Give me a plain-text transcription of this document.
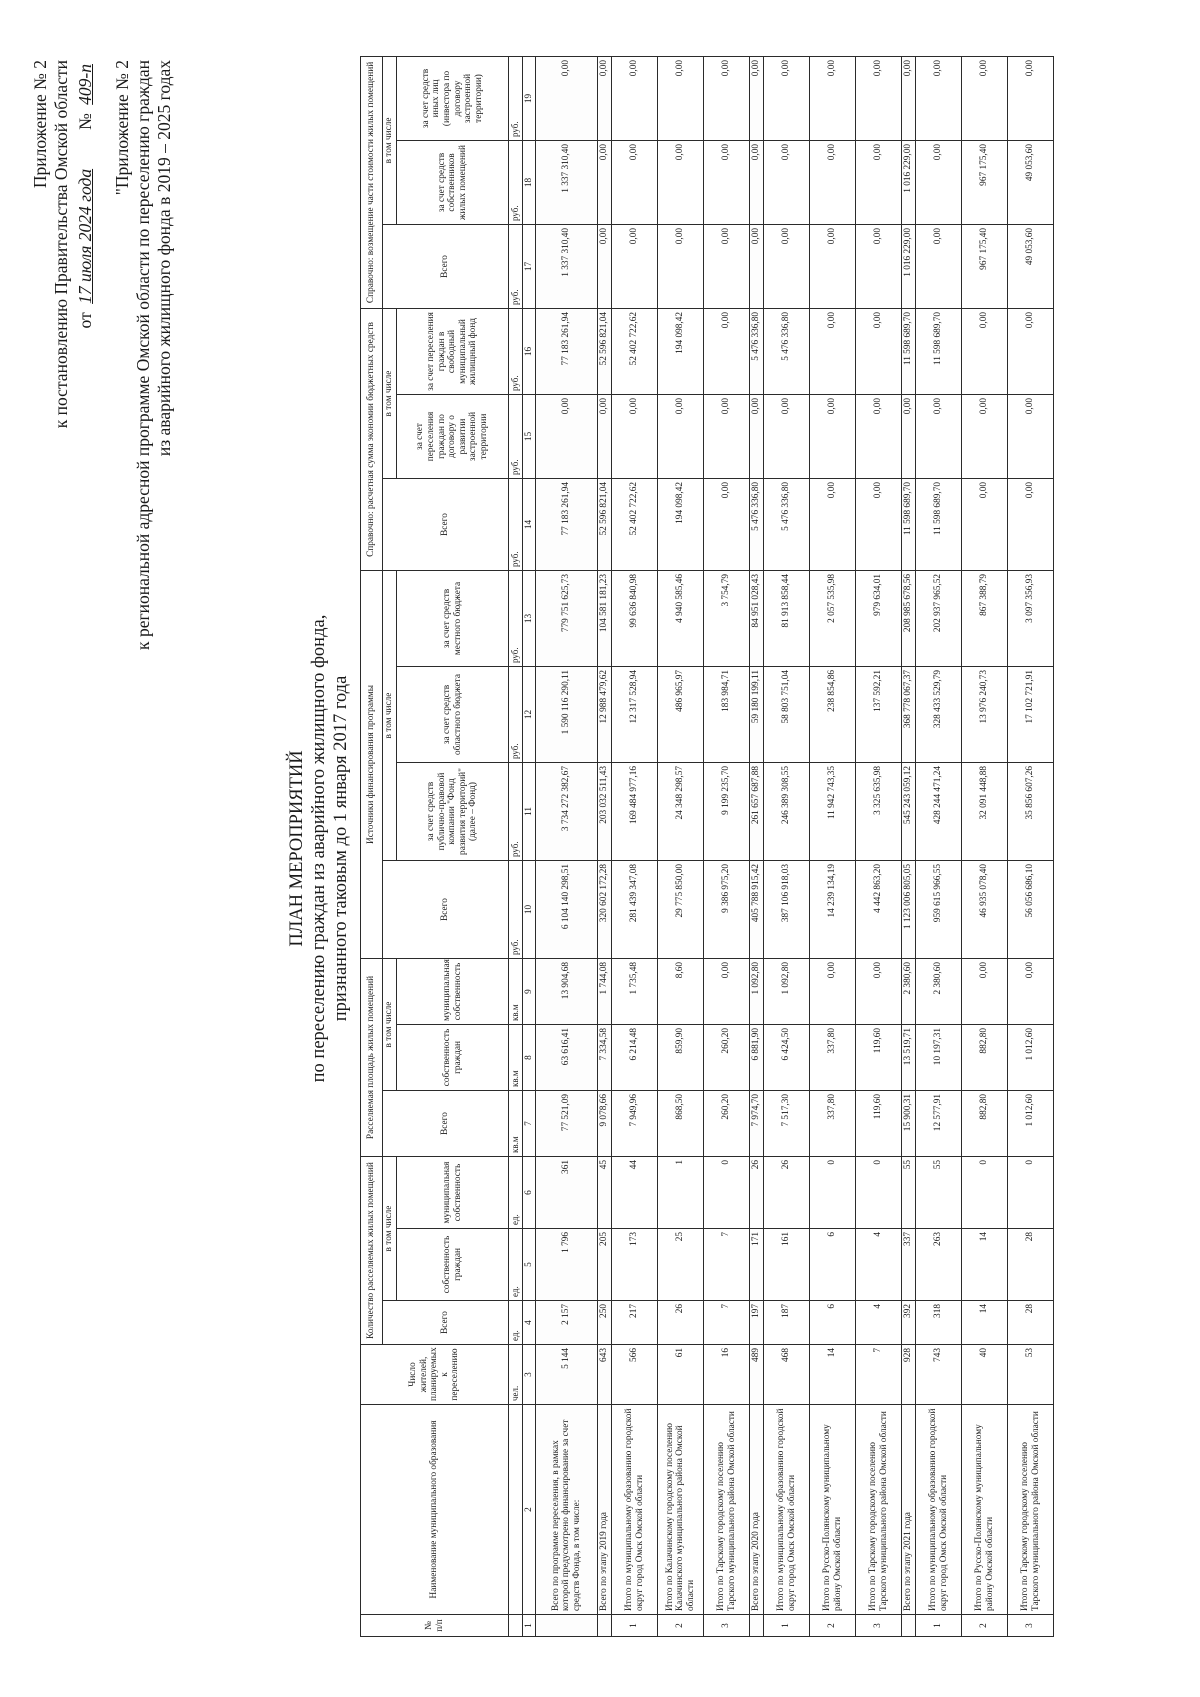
Приложение № 2 к постановлению Правительства Омской области от 17 июля 2024 года        № 409-п "Приложение № 2 к региональной адресной программе Омской области по переселению граждан из аварийного жилищного фонда в 2019 – 2025 годах
ПЛАН МЕРОПРИЯТИЙ по переселению граждан из аварийного жилищного фонда, признанного таковым до 1 января 2017 года
№ п/п	Наименование муниципального образования	Число жителей, планируемых к переселению	Количество расселяемых жилых помещений			Расселяемая площадь жилых помещений			Источники финансирования программы				Справочно: расчетная сумма экономии бюджетных средств			Справочно: возмещение части стоимости жилых помещений		
			Всего	в том числе		Всего	в том числе		Всего	в том числе			Всего	в том числе		Всего	в том числе	
				собственность граждан	муниципальная собственность		собственность граждан	муниципальная собственность		за счет средств публично-правовой компании "Фонд развития территорий" (далее – Фонд)	за счет средств областного бюджета	за счет средств местного бюджета		за счет переселения граждан по договору о развитии застроенной территории	за счет переселения граждан в свободный муниципальный жилищный фонд		за счет средств собственников жилых помещений	за счет средств иных лиц (инвестора по договору застроенной территории)
		чел.	ед.	ед.	ед.	кв.м	кв.м	кв.м	руб.	руб.	руб.	руб.	руб.	руб.	руб.	руб.	руб.	руб.
1	2	3	4	5	6	7	8	9	10	11	12	13	14	15	16	17	18	19
	Всего по программе переселения, в рамках которой предусмотрено финансирование за счет средств Фонда, в том числе:	5 144	2 157	1 796	361	77 521,09	63 616,41	13 904,68	6 104 140 298,51	3 734 272 382,67	1 590 116 290,11	779 751 625,73	77 183 261,94	0,00	77 183 261,94	1 337 310,40	1 337 310,40	0,00
	Всего по этапу 2019 года	643	250	205	45	9 078,66	7 334,58	1 744,08	320 602 172,28	203 032 511,43	12 988 479,62	104 581 181,23	52 596 821,04	0,00	52 596 821,04	0,00	0,00	0,00
1	Итого по муниципальному образованию городской округ город Омск Омской области	566	217	173	44	7 949,96	6 214,48	1 735,48	281 439 347,08	169 484 977,16	12 317 528,94	99 636 840,98	52 402 722,62	0,00	52 402 722,62	0,00	0,00	0,00
2	Итого по Калачинскому городскому поселению Калачинского муниципального района Омской области	61	26	25	1	868,50	859,90	8,60	29 775 850,00	24 348 298,57	486 965,97	4 940 585,46	194 098,42	0,00	194 098,42	0,00	0,00	0,00
3	Итого по Тарскому городскому поселению Тарского муниципального района Омской области	16	7	7	0	260,20	260,20	0,00	9 386 975,20	9 199 235,70	183 984,71	3 754,79	0,00	0,00	0,00	0,00	0,00	0,00
	Всего по этапу 2020 года	489	197	171	26	7 974,70	6 881,90	1 092,80	405 788 915,42	261 657 687,88	59 180 199,11	84 951 028,43	5 476 336,80	0,00	5 476 336,80	0,00	0,00	0,00
1	Итого по муниципальному образованию городской округ город Омск Омской области	468	187	161	26	7 517,30	6 424,50	1 092,80	387 106 918,03	246 389 308,55	58 803 751,04	81 913 858,44	5 476 336,80	0,00	5 476 336,80	0,00	0,00	0,00
2	Итого по Русско-Полянскому муниципальному району Омской области	14	6	6	0	337,80	337,80	0,00	14 239 134,19	11 942 743,35	238 854,86	2 057 535,98	0,00	0,00	0,00	0,00	0,00	0,00
3	Итого по Тарскому городскому поселению Тарского муниципального района Омской области	7	4	4	0	119,60	119,60	0,00	4 442 863,20	3 325 635,98	137 592,21	979 634,01	0,00	0,00	0,00	0,00	0,00	0,00
	Всего по этапу 2021 года	928	392	337	55	15 900,31	13 519,71	2 380,60	1 123 006 805,05	545 243 059,12	368 778 067,37	208 985 678,56	11 598 689,70	0,00	11 598 689,70	1 016 229,00	1 016 229,00	0,00
1	Итого по муниципальному образованию городской округ город Омск Омской области	743	318	263	55	12 577,91	10 197,31	2 380,60	959 615 966,55	428 244 471,24	328 433 529,79	202 937 965,52	11 598 689,70	0,00	11 598 689,70	0,00	0,00	0,00
2	Итого по Русско-Полянскому муниципальному району Омской области	40	14	14	0	882,80	882,80	0,00	46 935 078,40	32 091 448,88	13 976 240,73	867 388,79	0,00	0,00	0,00	967 175,40	967 175,40	0,00
3	Итого по Тарскому городскому поселению Тарского муниципального района Омской области	53	28	28	0	1 012,60	1 012,60	0,00	56 056 686,10	35 856 607,26	17 102 721,91	3 097 356,93	0,00	0,00	0,00	49 053,60	49 053,60	0,00
